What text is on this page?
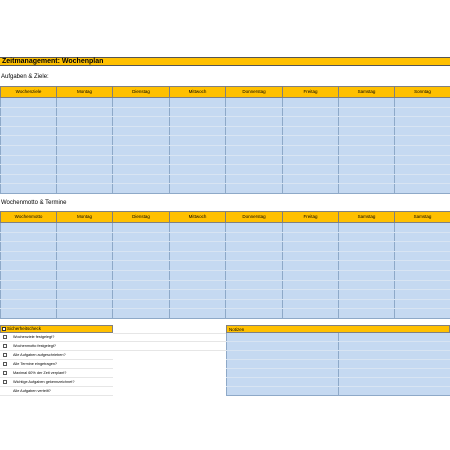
Zeitmanagement: Wochenplan
Aufgaben & Ziele:
Wochenziele	Montag	Dienstag	Mittwoch	Donnerstag	Freitag	Samstag	Sonntag

Wochenmotto & Termine
Wochenmotto	Montag	Dienstag	Mittwoch	Donnerstag	Freitag	Samstag	Samstag

Sicherheitscheck
Wochenziele festgelegt?
Wochenmotto festgelegt?
Alle Aufgaben aufgeschrieben?
Alle Termine eingetragen?
Maximal 60% der Zeit verplant?
Wichtige Aufgaben gekennzeichnet?
Alle Aufgaben verteilt?
Notizen
